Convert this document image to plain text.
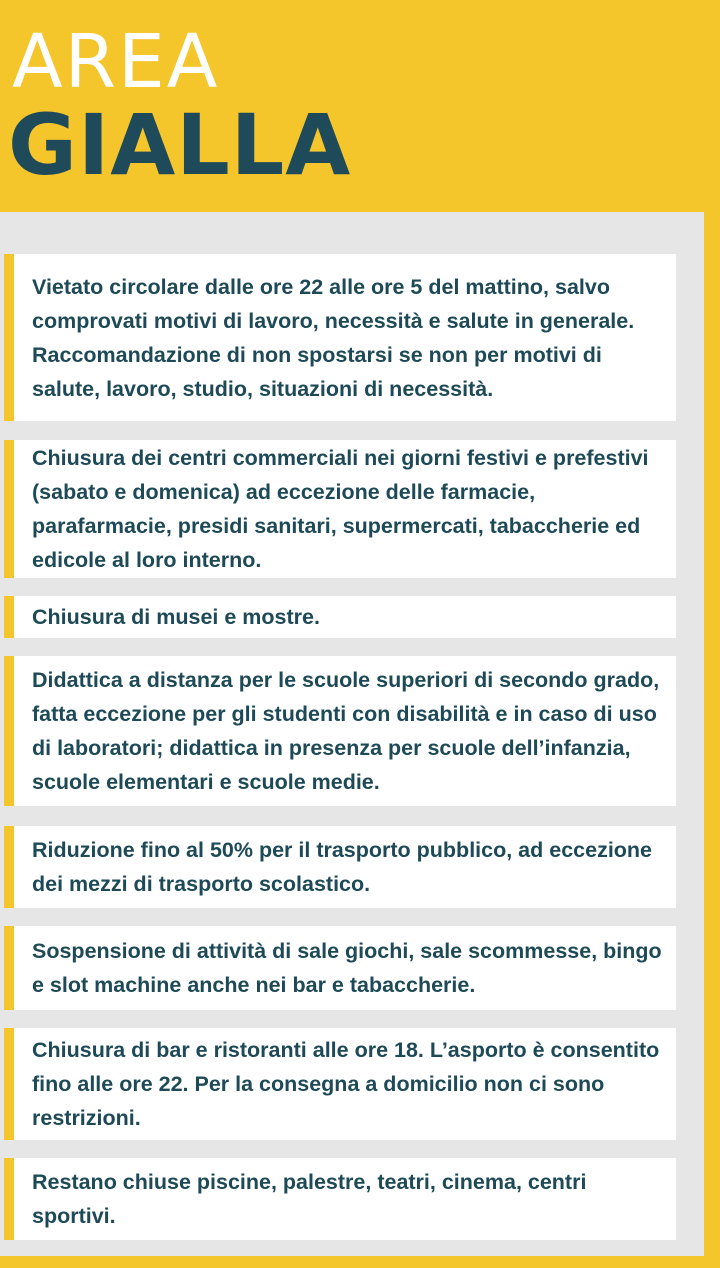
AREA
GIALLA
Vietato circolare dalle ore 22 alle ore 5 del mattino, salvo comprovati motivi di lavoro, necessità e salute in generale. Raccomandazione di non spostarsi se non per motivi di salute, lavoro, studio, situazioni di necessità.
Chiusura dei centri commerciali nei giorni festivi e prefestivi (sabato e domenica) ad eccezione delle farmacie, parafarmacie, presidi sanitari, supermercati, tabaccherie ed edicole al loro interno.
Chiusura di musei e mostre.
Didattica a distanza per le scuole superiori di secondo grado, fatta eccezione per gli studenti con disabilità e in caso di uso di laboratori; didattica in presenza per scuole dell’infanzia, scuole elementari e scuole medie.
Riduzione fino al 50% per il trasporto pubblico, ad eccezione dei mezzi di trasporto scolastico.
Sospensione di attività di sale giochi, sale scommesse, bingo e slot machine anche nei bar e tabaccherie.
Chiusura di bar e ristoranti alle ore 18. L’asporto è consentito fino alle ore 22. Per la consegna a domicilio non ci sono restrizioni.
Restano chiuse piscine, palestre, teatri, cinema, centri sportivi.
